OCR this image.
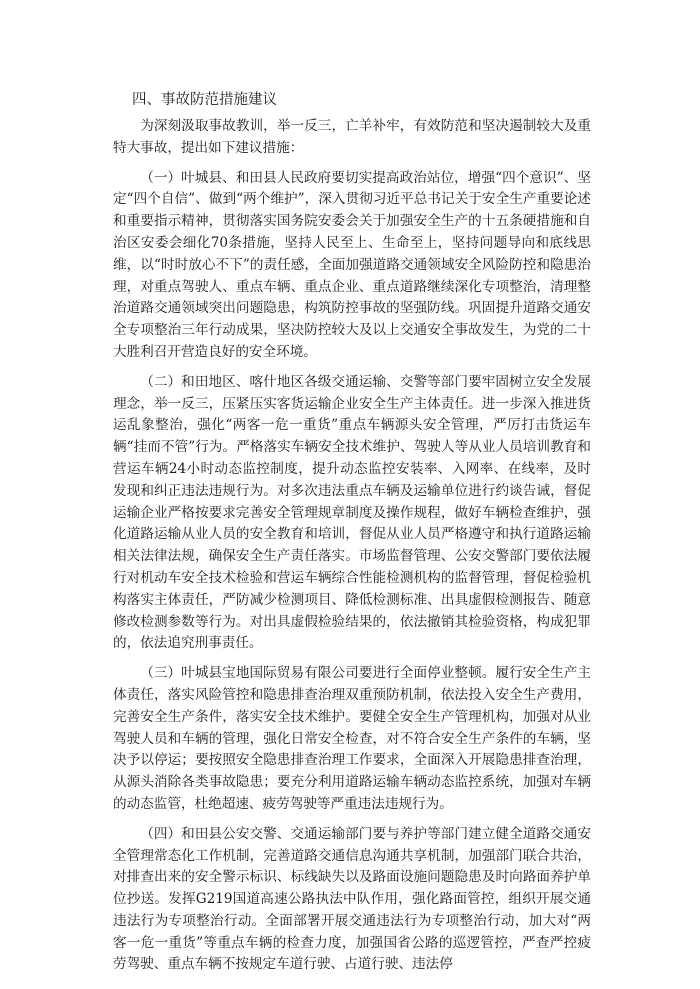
四、事故防范措施建议

为深刻汲取事故教训，举一反三，亡羊补牢，有效防范和坚决遏制较大及重特大事故，提出如下建议措施：

（一）叶城县、和田县人民政府要切实提高政治站位，增强“四个意识”、坚定“四个自信”、做到“两个维护”，深入贯彻习近平总书记关于安全生产重要论述和重要指示精神，贯彻落实国务院安委会关于加强安全生产的十五条硬措施和自治区安委会细化70条措施，坚持人民至上、生命至上，坚持问题导向和底线思维，以“时时放心不下”的责任感，全面加强道路交通领域安全风险防控和隐患治理，对重点驾驶人、重点车辆、重点企业、重点道路继续深化专项整治，清理整治道路交通领域突出问题隐患，构筑防控事故的坚强防线。巩固提升道路交通安全专项整治三年行动成果，坚决防控较大及以上交通安全事故发生，为党的二十大胜利召开营造良好的安全环境。

（二）和田地区、喀什地区各级交通运输、交警等部门要牢固树立安全发展理念，举一反三，压紧压实客货运输企业安全生产主体责任。进一步深入推进货运乱象整治，强化“两客一危一重货”重点车辆源头安全管理，严厉打击货运车辆“挂而不管”行为。严格落实车辆安全技术维护、驾驶人等从业人员培训教育和营运车辆24小时动态监控制度，提升动态监控安装率、入网率、在线率，及时发现和纠正违法违规行为。对多次违法重点车辆及运输单位进行约谈告诫，督促运输企业严格按要求完善安全管理规章制度及操作规程，做好车辆检查维护，强化道路运输从业人员的安全教育和培训，督促从业人员严格遵守和执行道路运输相关法律法规，确保安全生产责任落实。市场监督管理、公安交警部门要依法履行对机动车安全技术检验和营运车辆综合性能检测机构的监督管理，督促检验机构落实主体责任，严防减少检测项目、降低检测标准、出具虚假检测报告、随意修改检测参数等行为。对出具虚假检验结果的，依法撤销其检验资格，构成犯罪的，依法追究刑事责任。

（三）叶城县宝地国际贸易有限公司要进行全面停业整顿。履行安全生产主体责任，落实风险管控和隐患排查治理双重预防机制，依法投入安全生产费用，完善安全生产条件，落实安全技术维护。要健全安全生产管理机构，加强对从业驾驶人员和车辆的管理，强化日常安全检查，对不符合安全生产条件的车辆，坚决予以停运；要按照安全隐患排查治理工作要求，全面深入开展隐患排查治理，从源头消除各类事故隐患；要充分利用道路运输车辆动态监控系统，加强对车辆的动态监管，杜绝超速、疲劳驾驶等严重违法违规行为。

（四）和田县公安交警、交通运输部门要与养护等部门建立健全道路交通安全管理常态化工作机制，完善道路交通信息沟通共享机制，加强部门联合共治，对排查出来的安全警示标识、标线缺失以及路面设施问题隐患及时向路面养护单位抄送。发挥G219国道高速公路执法中队作用，强化路面管控，组织开展交通违法行为专项整治行动。全面部署开展交通违法行为专项整治行动，加大对“两客一危一重货”等重点车辆的检查力度，加强国省公路的巡逻管控，严查严控疲劳驾驶、重点车辆不按规定车道行驶、占道行驶、违法停
